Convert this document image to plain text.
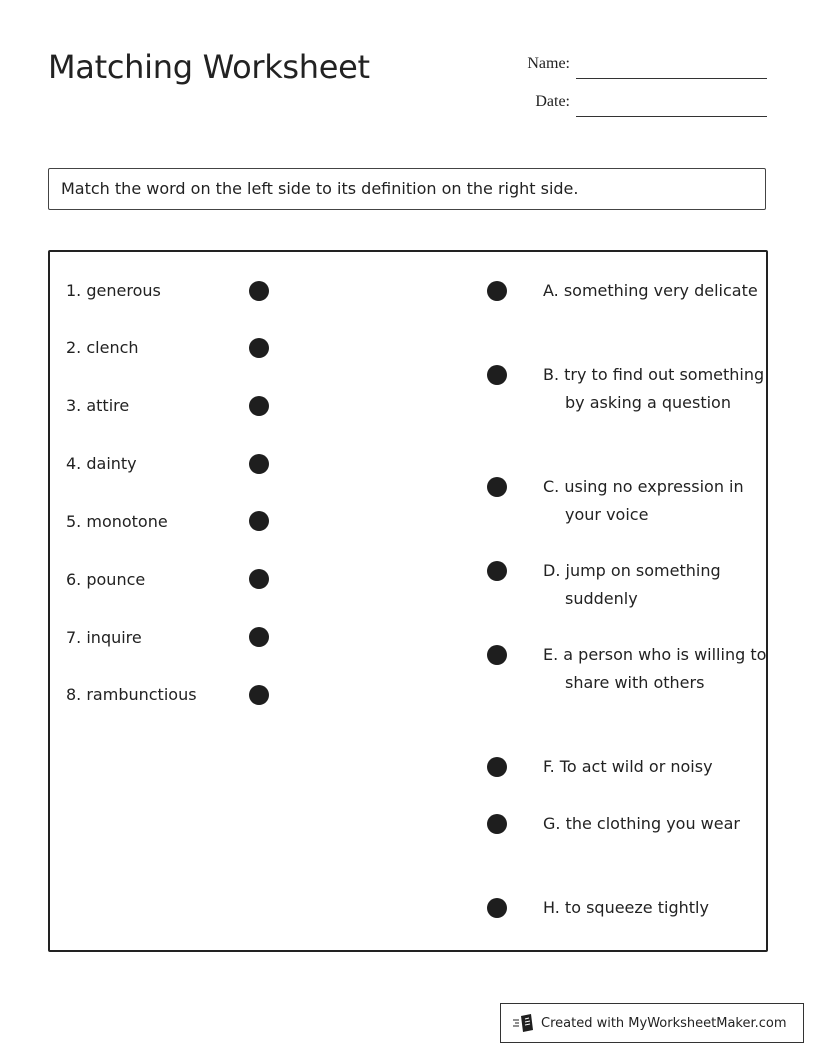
Matching Worksheet	Name:
Date:
Match the word on the left side to its definition on the right side.
1. generous
2. clench
3. attire
4. dainty
5. monotone
6. pounce
7. inquire
8. rambunctious
A. something very delicate
B. try to find out something by asking a question
C. using no expression in your voice
D. jump on something suddenly
E. a person who is willing to share with others
F. To act wild or noisy
G. the clothing you wear
H. to squeeze tightly
Created with MyWorksheetMaker.com
